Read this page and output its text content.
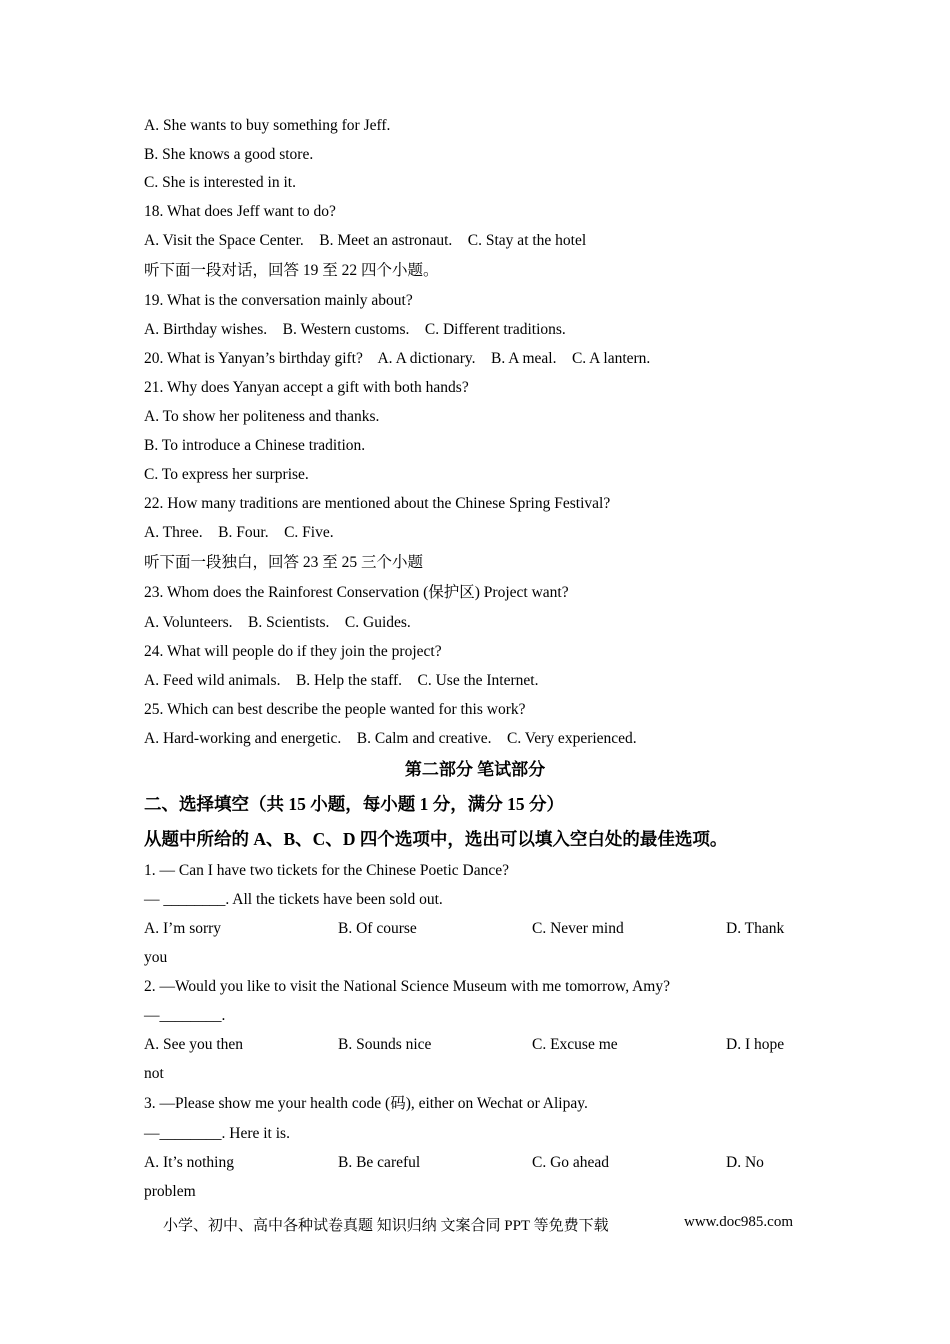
A. She wants to buy something for Jeff.
B. She knows a good store.
C. She is interested in it.
18. What does Jeff want to do?
A. Visit the Space Center.    B. Meet an astronaut.    C. Stay at the hotel
听下面一段对话，回答 19 至 22 四个小题。
19. What is the conversation mainly about?
A. Birthday wishes.    B. Western customs.    C. Different traditions.
20. What is Yanyan’s birthday gift?    A. A dictionary.    B. A meal.    C. A lantern.
21. Why does Yanyan accept a gift with both hands?
A. To show her politeness and thanks.
B. To introduce a Chinese tradition.
C. To express her surprise.
22. How many traditions are mentioned about the Chinese Spring Festival?
A. Three.    B. Four.    C. Five.
听下面一段独白，回答 23 至 25 三个小题
23. Whom does the Rainforest Conservation (保护区) Project want?
A. Volunteers.    B. Scientists.    C. Guides.
24. What will people do if they join the project?
A. Feed wild animals.    B. Help the staff.    C. Use the Internet.
25. Which can best describe the people wanted for this work?
A. Hard-working and energetic.    B. Calm and creative.    C. Very experienced.
第二部分 笔试部分
二、选择填空（共 15 小题，每小题 1 分，满分 15 分）
从题中所给的 A、B、C、D 四个选项中，选出可以填入空白处的最佳选项。
1. — Can I have two tickets for the Chinese Poetic Dance?
— ________. All the tickets have been sold out.
A. I’m sorry	B. Of course	C. Never mind	D. Thank
you
2. —Would you like to visit the National Science Museum with me tomorrow, Amy?
—________.
A. See you then	B. Sounds nice	C. Excuse me	D. I hope
not
3. —Please show me your health code (码), either on Wechat or Alipay.
—________. Here it is.
A. It’s nothing	B. Be careful	C. Go ahead	D. No
problem
小学、初中、高中各种试卷真题 知识归纳 文案合同 PPT 等免费下载	www.doc985.com
